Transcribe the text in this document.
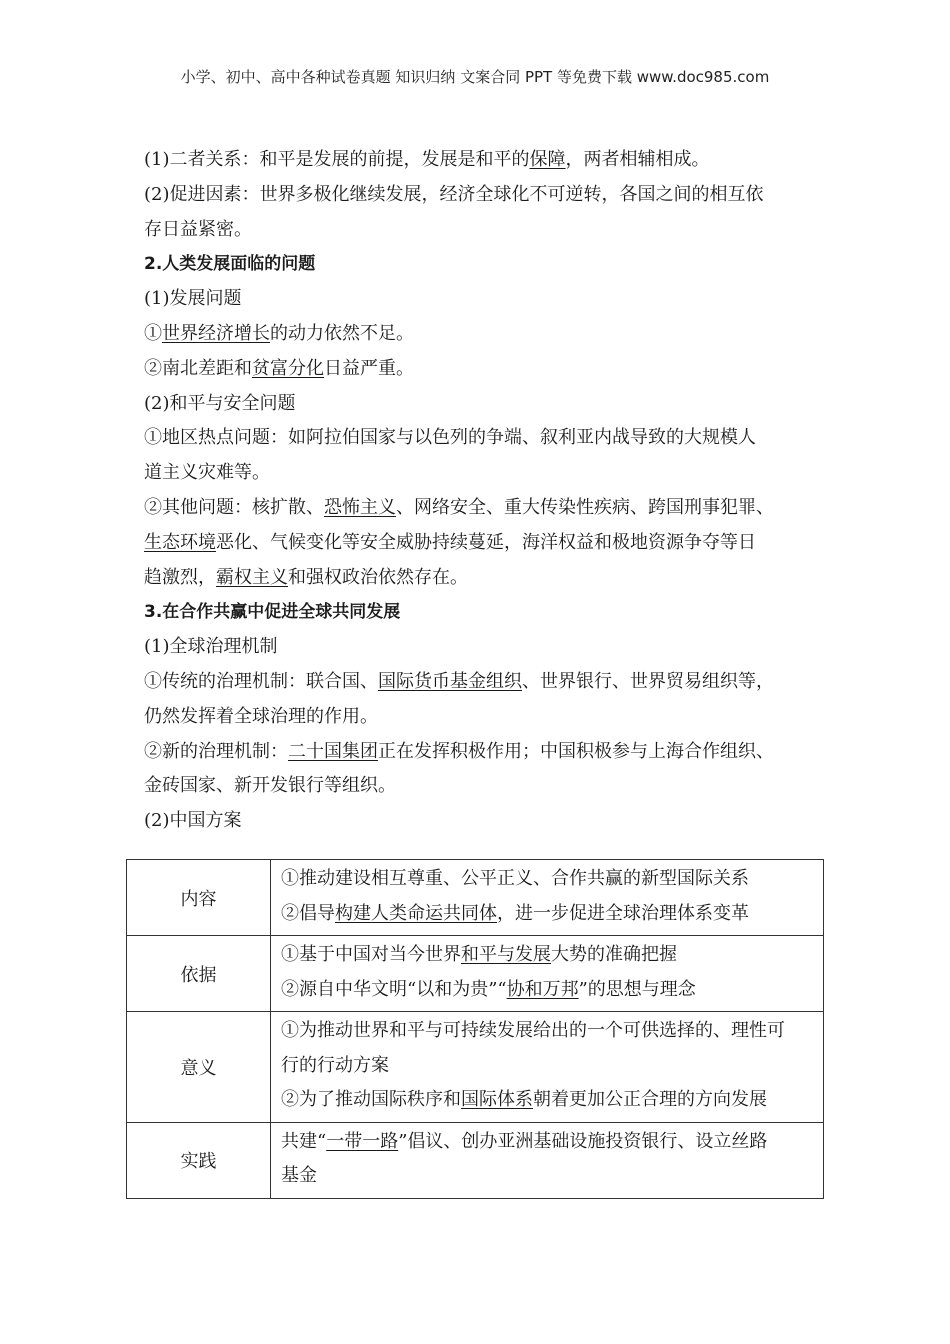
小学、初中、高中各种试卷真题 知识归纳 文案合同 PPT 等免费下载 www.doc985.com
(1)二者关系：和平是发展的前提，发展是和平的保障，两者相辅相成。
(2)促进因素：世界多极化继续发展，经济全球化不可逆转，各国之间的相互依
存日益紧密。
2.人类发展面临的问题
(1)发展问题
①世界经济增长的动力依然不足。
②南北差距和贫富分化日益严重。
(2)和平与安全问题
①地区热点问题：如阿拉伯国家与以色列的争端、叙利亚内战导致的大规模人
道主义灾难等。
②其他问题：核扩散、恐怖主义、网络安全、重大传染性疾病、跨国刑事犯罪、
生态环境恶化、气候变化等安全威胁持续蔓延，海洋权益和极地资源争夺等日
趋激烈，霸权主义和强权政治依然存在。
3.在合作共赢中促进全球共同发展
(1)全球治理机制
①传统的治理机制：联合国、国际货币基金组织、世界银行、世界贸易组织等，
仍然发挥着全球治理的作用。
②新的治理机制：二十国集团正在发挥积极作用；中国积极参与上海合作组织、
金砖国家、新开发银行等组织。
(2)中国方案
内容	①推动建设相互尊重、公平正义、合作共赢的新型国际关系
②倡导构建人类命运共同体，进一步促进全球治理体系变革

依据	①基于中国对当今世界和平与发展大势的准确把握
②源自中华文明“以和为贵”“协和万邦”的思想与理念

意义	①为推动世界和平与可持续发展给出的一个可供选择的、理性可
行的行动方案
②为了推动国际秩序和国际体系朝着更加公正合理的方向发展

实践	共建“一带一路”倡议、创办亚洲基础设施投资银行、设立丝路
基金
